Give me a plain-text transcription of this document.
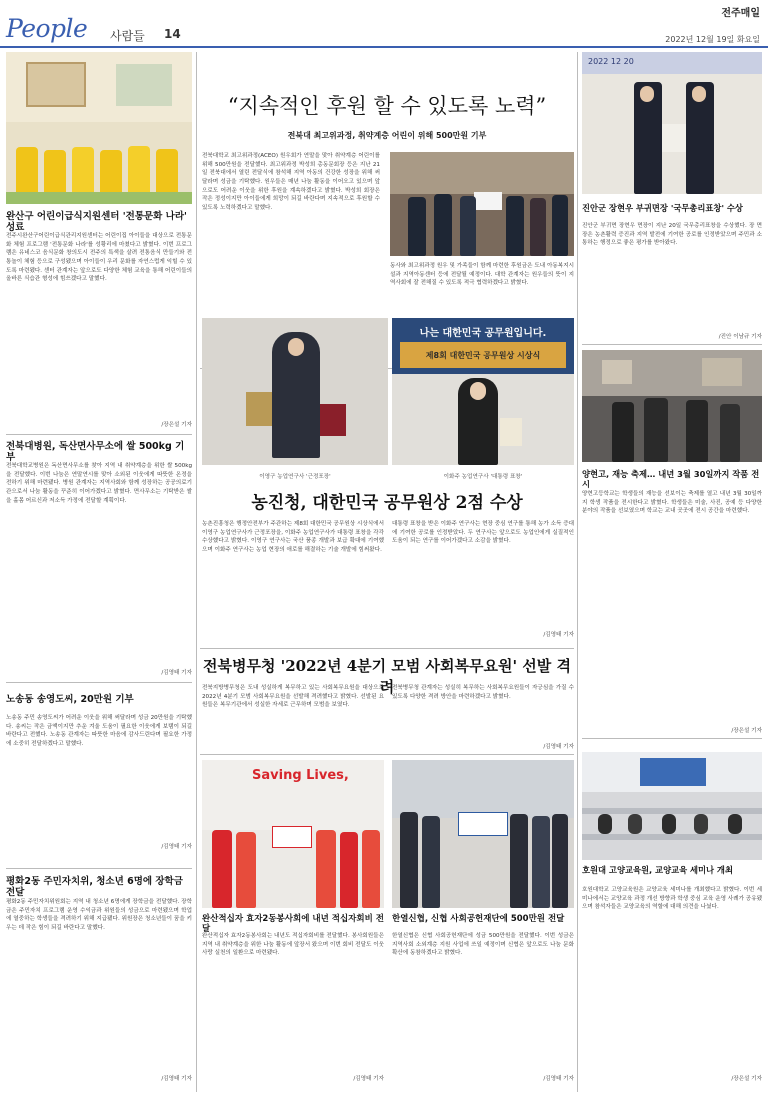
People 사람들 14
전주매일
2022년 12월 19일 화요일
완산구 어린이급식지원센터 '전통문화 나라' 성료
전주시완산구어린이급식관리지원센터는 어린이집 아이들을 대상으로 전통문화 체험 프로그램 '전통문화 나라'를 성황리에 마쳤다고 밝혔다. 이번 프로그램은 유네스코 음식문화 창의도시 전주의 특색을 살려 전통음식 만들기와 전통놀이 체험 등으로 구성됐으며 아이들이 우리 문화를 자연스럽게 익힐 수 있도록 마련됐다. 센터 관계자는 앞으로도 다양한 체험 교육을 통해 어린이들의 올바른 식습관 형성에 힘쓰겠다고 말했다.
/장은설 기자
전북대병원, 독산면사무소에 쌀 500kg 기부
전북대학교병원은 독산면사무소를 찾아 지역 내 취약계층을 위한 쌀 500kg을 전달했다. 이번 나눔은 연말연시를 맞아 소외된 이웃에게 따뜻한 온정을 전하기 위해 마련됐다. 병원 관계자는 지역사회와 함께 성장하는 공공의료기관으로서 나눔 활동을 꾸준히 이어가겠다고 밝혔다. 면사무소는 기탁받은 쌀을 홀몸 어르신과 저소득 가정에 전달할 계획이다.
/김영태 기자
노송동 송영도씨, 20만원 기부
노송동 주민 송영도씨가 어려운 이웃을 위해 써달라며 성금 20만원을 기탁했다. 송씨는 작은 금액이지만 추운 겨울 도움이 필요한 이웃에게 보탬이 되길 바란다고 전했다. 노송동 관계자는 따뜻한 마음에 감사드린다며 필요한 가정에 소중히 전달하겠다고 말했다.
/김영태 기자
평화2동 주민자치위, 청소년 6명에 장학금 전달
평화2동 주민자치위원회는 지역 내 청소년 6명에게 장학금을 전달했다. 장학금은 주민자치 프로그램 운영 수익금과 위원들의 성금으로 마련됐으며 학업에 열중하는 학생들을 격려하기 위해 지급됐다. 위원장은 청소년들이 꿈을 키우는 데 작은 힘이 되길 바란다고 말했다.
/김영태 기자
“지속적인 후원 할 수 있도록 노력”
전북대 최고위과정, 취약계층 어린이 위해 500만원 기부
전북대학교 최고위과정(ACEO) 원우회가 연말을 맞아 취약계층 어린이를 위해 500만원을 전달했다. 최고위과정 박성희 총동문회장 등은 지난 21일 전북대에서 열린 전달식에 참석해 지역 아동의 건강한 성장을 위해 써달라며 성금을 기탁했다. 원우들은 매년 나눔 활동을 이어오고 있으며 앞으로도 어려운 이웃을 위한 후원을 계속하겠다고 밝혔다. 박성희 회장은 작은 정성이지만 아이들에게 희망이 되길 바란다며 지속적으로 후원할 수 있도록 노력하겠다고 말했다.
동사와 최고위과정 원우 및 가족들이 함께 마련한 후원금은 도내 아동복지시설과 지역아동센터 등에 전달될 예정이다. 대학 관계자는 원우들의 뜻이 지역사회에 잘 전해질 수 있도록 적극 협력하겠다고 밝혔다.
나는 대한민국 공무원입니다.
제8회 대한민국 공무원상 시상식
이영구 농업연구사 '근정포장'	이화주 농업연구사 '대통령 표창'
농진청, 대한민국 공무원상 2점 수상
농촌진흥청은 행정안전부가 주관하는 제8회 대한민국 공무원상 시상식에서 이영구 농업연구사가 근정포장을, 이화주 농업연구사가 대통령 표창을 각각 수상했다고 밝혔다. 이영구 연구사는 국산 품종 개발과 보급 확대에 기여했으며 이화주 연구사는 농업 현장의 애로를 해결하는 기술 개발에 힘써왔다.
대통령 표창을 받은 이화주 연구사는 현장 중심 연구를 통해 농가 소득 증대에 기여한 공로를 인정받았다. 두 연구사는 앞으로도 농업인에게 실질적인 도움이 되는 연구를 이어가겠다고 소감을 밝혔다.
/김영태 기자
전북병무청 '2022년 4분기 모범 사회복무요원' 선발 격려
전북지방병무청은 도내 성실하게 복무하고 있는 사회복무요원을 대상으로 2022년 4분기 모범 사회복무요원을 선발해 격려했다고 밝혔다. 선발된 요원들은 복무기관에서 성실한 자세로 근무하며 모범을 보였다.
전북병무청 관계자는 성실히 복무하는 사회복무요원들이 자긍심을 가질 수 있도록 다양한 격려 방안을 마련하겠다고 밝혔다.
/김영태 기자
Saving Lives,
완산적십자 효자2동봉사회에 내년 적십자회비 전달
완산적십자 효자2동봉사회는 내년도 적십자회비를 전달했다. 봉사회원들은 지역 내 취약계층을 위한 나눔 활동에 앞장서 왔으며 이번 회비 전달도 이웃 사랑 실천의 일환으로 마련됐다.
/김영태 기자
한열신협, 신협 사회공헌재단에 500만원 전달
한열신협은 신협 사회공헌재단에 성금 500만원을 전달했다. 이번 성금은 지역사회 소외계층 지원 사업에 쓰일 예정이며 신협은 앞으로도 나눔 문화 확산에 동참하겠다고 밝혔다.
/김영태 기자
2022 12 20
진안군 장현우 부귀면장 '국무총리표창' 수상
진안군 부귀면 장현우 면장이 지난 20일 국무총리표창을 수상했다. 장 면장은 농촌활력 증진과 지역 발전에 기여한 공로를 인정받았으며 주민과 소통하는 행정으로 좋은 평가를 받아왔다.
/진안 이남규 기자
양현고, 재능 축제… 내년 3월 30일까지 작품 전시
양현고등학교는 학생들의 재능을 선보이는 축제를 열고 내년 3월 30일까지 학생 작품을 전시한다고 밝혔다. 학생들은 미술, 사진, 공예 등 다양한 분야의 작품을 선보였으며 학교는 교내 곳곳에 전시 공간을 마련했다.
/장은설 기자
호원대 고양교육원, 교양교육 세미나 개최
호원대학교 고양교육원은 교양교육 세미나를 개최했다고 밝혔다. 이번 세미나에서는 교양교육 과정 개선 방향과 학생 중심 교육 운영 사례가 공유됐으며 참석자들은 교양교육의 역할에 대해 의견을 나눴다.
/장은설 기자
